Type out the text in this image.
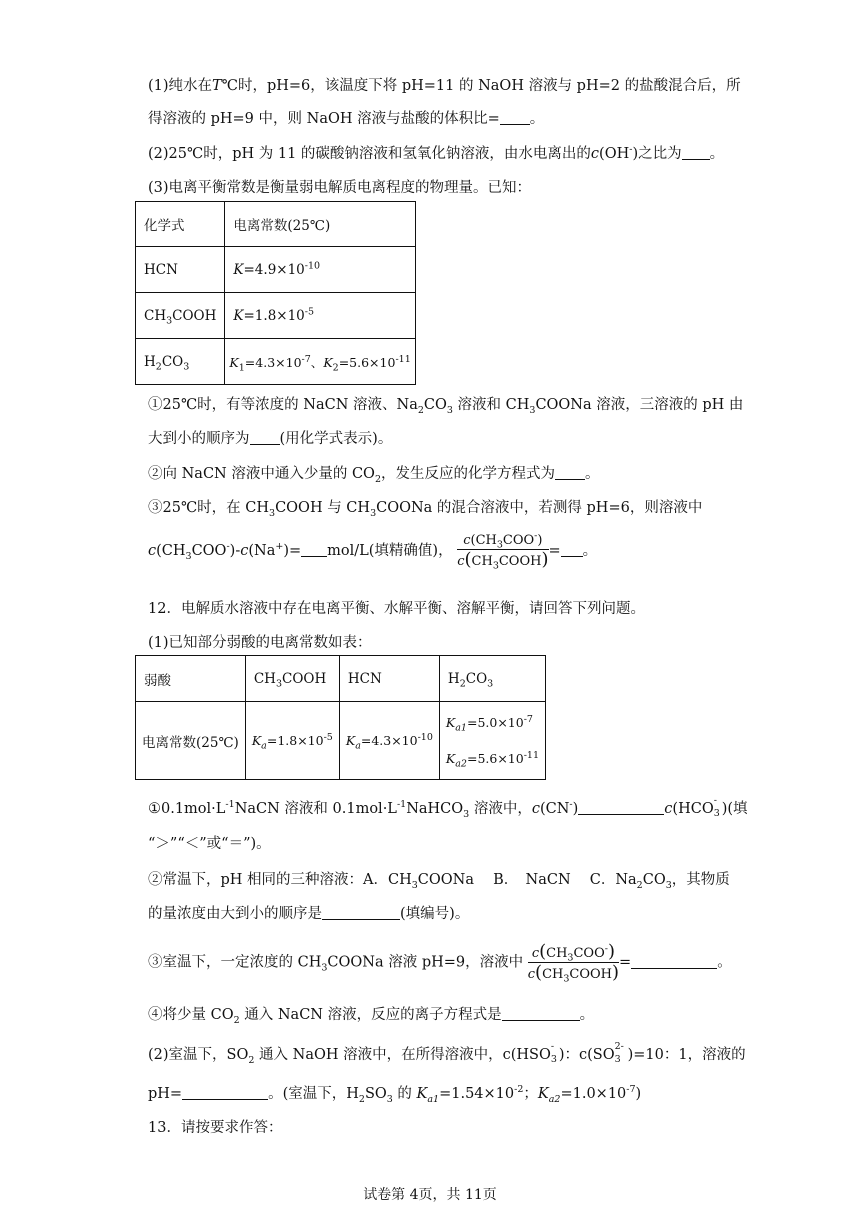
(1)纯水在T℃时，pH=6，该温度下将 pH=11 的 NaOH 溶液与 pH=2 的盐酸混合后，所
得溶液的 pH=9 中，则 NaOH 溶液与盐酸的体积比= 。
(2)25℃时，pH 为 11 的碳酸钠溶液和氢氧化钠溶液，由水电离出的c(OH-)之比为 。
(3)电离平衡常数是衡量弱电解质电离程度的物理量。已知：
化学式	电离常数(25℃)
HCN	$K=4.9\times 10^{-10}$
$CH_3COOH$	$K=1.8\times 10^{-5}$
$H_2CO_3$	$K_1=4.3\times 10^{-7}$、$K_2=5.6\times 10^{-11}$
①25℃时，有等浓度的 NaCN 溶液、$Na_2CO_3$ 溶液和 $CH_3COONa$ 溶液，三溶液的 pH 由
大到小的顺序为 (用化学式表示)。
②向 NaCN 溶液中通入少量的 $CO_2$，发生反应的化学方程式为 。
③25℃时，在 $CH_3COOH$ 与 $CH_3COONa$ 的混合溶液中，若测得 pH=6，则溶液中
$c(CH_3COO^-)-c(Na^+)= mol/L$(填精确值)， $\frac{c(CH_3COO^-)}{c(CH_3COOH)}$ = 。
12．电解质水溶液中存在电离平衡、水解平衡、溶解平衡，请回答下列问题。
(1)已知部分弱酸的电离常数如表：
弱酸	$CH_3COOH$	HCN	$H_2CO_3$
电离常数(25℃)	$K_a=1.8\times 10^{-5}$	$K_a=4.3\times 10^{-10}$	$K_{a1}=5.0\times 10^{-7}$
$K_{a2}=5.6\times 10^{-11}$
$①0.1mol\cdot L^{-1}NaCN$ 溶液和 $0.1mol\cdot L^{-1}NaHCO_3$ 溶液中，c(CN-)	c(HCO
-
3 )(填
“＞”“＜”或“＝”)。
②常温下，pH 相同的三种溶液：A．$CH_3COONa$　 B．　NaCN　 C．$Na_2CO_3$，其物质
的量浓度由大到小的顺序是	(填编号)。
③室温下，一定浓度的 $CH_3COONa$ 溶液 pH=9，溶液中 $\frac{c(CH_3COO^-)}{c(CH_3COOH)}$ =	。
④将少量 $CO_2$ 通入 NaCN 溶液，反应的离子方程式是	。
(2)室温下，$SO_2$ 通入 NaOH 溶液中，在所得溶液中，c(HSO
-
3 )：c(SO
2-
3 )=10：1，溶液的
pH=	。(室温下，$H_2SO_3$ 的 $K_{a1}=1.54\times 10^{-2}$；$K_{a2}=1.0\times 10^{-7}$)
13．请按要求作答：
试卷第 4页，共 11页
